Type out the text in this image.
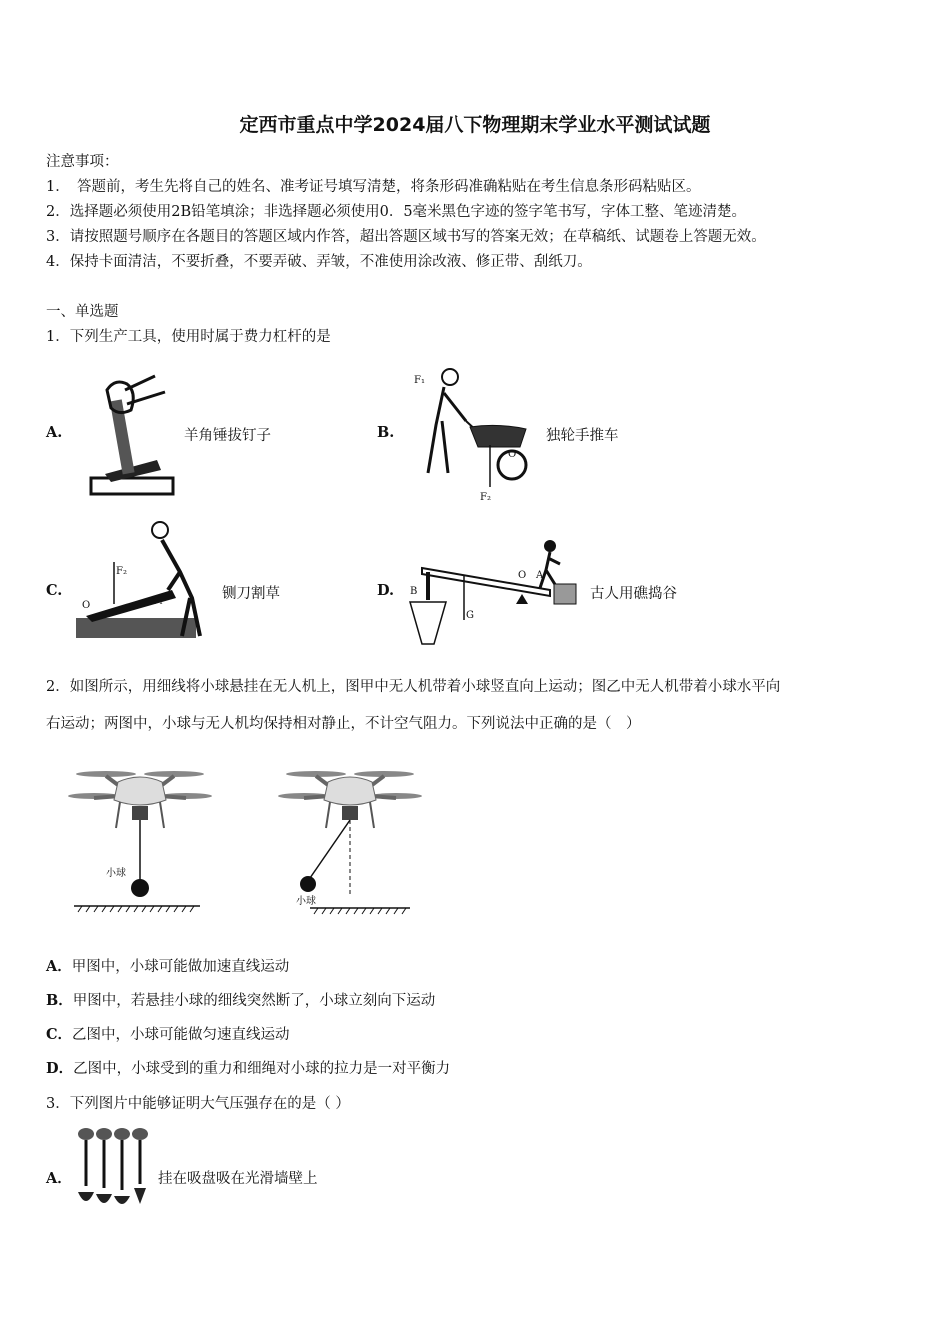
定西市重点中学2024届八下物理期末学业水平测试试题
注意事项：
1．　答题前，考生先将自己的姓名、准考证号填写清楚，将条形码准确粘贴在考生信息条形码粘贴区。
2．选择题必须使用2B铅笔填涂；非选择题必须使用0．5毫米黑色字迹的签字笔书写，字体工整、笔迹清楚。
3．请按照题号顺序在各题目的答题区域内作答，超出答题区域书写的答案无效；在草稿纸、试题卷上答题无效。
4．保持卡面清洁，不要折叠，不要弄破、弄皱，不准使用涂改液、修正带、刮纸刀。
一、单选题
1．下列生产工具，使用时属于费力杠杆的是
A.	羊角锤拔钉子	B.
F₁
O
F₂
独轮手推车
C.
F₂
O	F₁	铡刀割草	D. B
G
O A
古人用礁捣谷
2．如图所示，用细线将小球悬挂在无人机上，图甲中无人机带着小球竖直向上运动；图乙中无人机带着小球水平向
右运动；两图中，小球与无人机均保持相对静止，不计空气阻力。下列说法中正确的是（　）
小球
小球
A．甲图中，小球可能做加速直线运动
B．甲图中，若悬挂小球的细线突然断了，小球立刻向下运动
C．乙图中，小球可能做匀速直线运动
D．乙图中，小球受到的重力和细绳对小球的拉力是一对平衡力
3．下列图片中能够证明大气压强存在的是（ ）
A．	挂在吸盘吸在光滑墙壁上
